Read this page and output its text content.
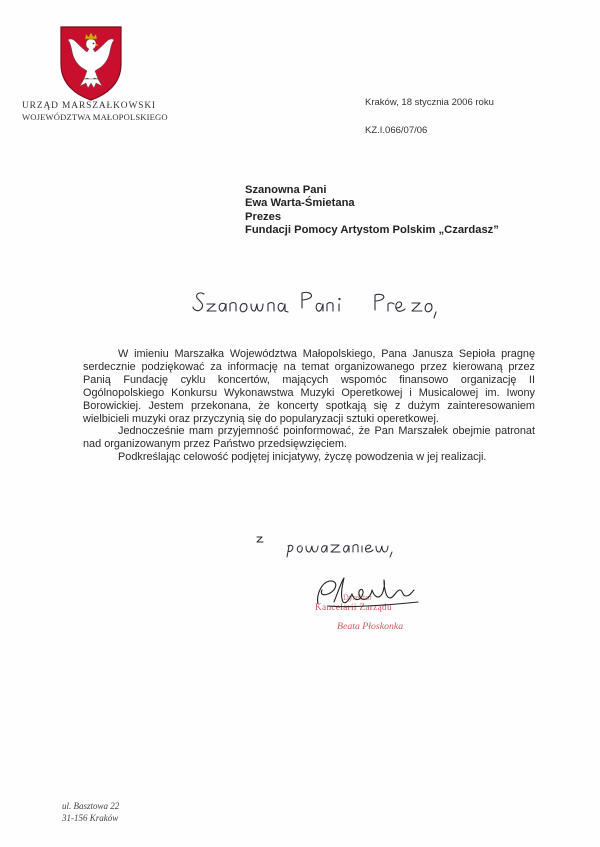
URZĄD MARSZAŁKOWSKI
WOJEWÓDZTWA MAŁOPOLSKIEGO
Kraków, 18 stycznia 2006 roku
KZ.I.066/07/06
Szanowna Pani
Ewa Warta-Śmietana
Prezes
Fundacji Pomocy Artystom Polskim „Czardasz”

W imieniu Marszałka Województwa Małopolskiego, Pana Janusza Sepioła pragnę serdecznie podziękować za informację na temat organizowanego przez kierowaną przez Panią Fundację cyklu koncertów, mających wspomóc finansowo organizację II Ogólnopolskiego Konkursu Wykonawstwa Muzyki Operetkowej i Musicalowej im. Iwony Borowickiej. Jestem przekonana, że koncerty spotkają się z dużym zainteresowaniem wielbicieli muzyki oraz przyczynią się do popularyzacji sztuki operetkowej.

Jednocześnie mam przyjemność poinformować, że Pan Marszałek obejmie patronat nad organizowanym przez Państwo przedsięwzięciem.

Podkreślając celowość podjętej inicjatywy, życzę powodzenia w jej realizacji.

Dyrektor
Kancelarii Zarządu
Beata Płoskonka
ul. Basztowa 22
31-156 Kraków
